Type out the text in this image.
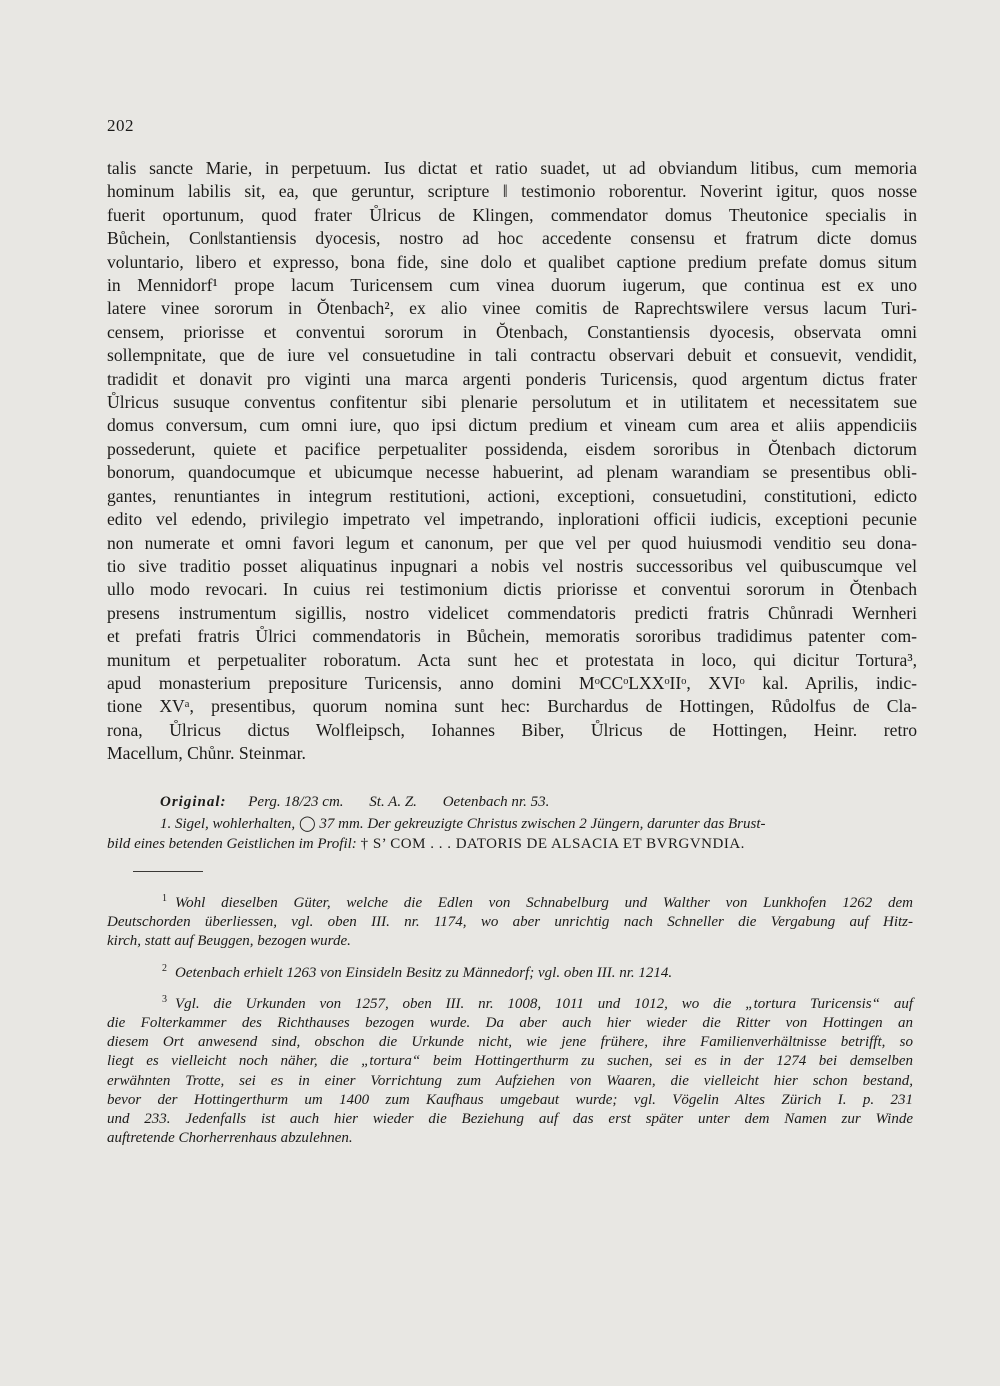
202
talis sancte Marie, in perpetuum. Ius dictat et ratio suadet, ut ad obviandum litibus, cum memoria
hominum labilis sit, ea, que geruntur, scripture ‖ testimonio roborentur. Noverint igitur, quos nosse
fuerit oportunum, quod frater Ůlricus de Klingen, commendator domus Theutonice specialis in
Bůchein, Con‖stantiensis dyocesis, nostro ad hoc accedente consensu et fratrum dicte domus
voluntario, libero et expresso, bona fide, sine dolo et qualibet captione predium prefate domus situm
in Mennidorf¹ prope lacum Turicensem cum vinea duorum iugerum, que continua est ex uno
latere vinee sororum in Ŏtenbach², ex alio vinee comitis de Raprechtswilere versus lacum Turi-
censem, priorisse et conventui sororum in Ŏtenbach, Constantiensis dyocesis, observata omni
sollempnitate, que de iure vel consuetudine in tali contractu observari debuit et consuevit, vendidit,
tradidit et donavit pro viginti una marca argenti ponderis Turicensis, quod argentum dictus frater
Ůlricus susuque conventus confitentur sibi plenarie persolutum et in utilitatem et necessitatem sue
domus conversum, cum omni iure, quo ipsi dictum predium et vineam cum area et aliis appendiciis
possederunt, quiete et pacifice perpetualiter possidenda, eisdem sororibus in Ŏtenbach dictorum
bonorum, quandocumque et ubicumque necesse habuerint, ad plenam warandiam se presentibus obli-
gantes, renuntiantes in integrum restitutioni, actioni, exceptioni, consuetudini, constitutioni, edicto
edito vel edendo, privilegio impetrato vel impetrando, inplorationi officii iudicis, exceptioni pecunie
non numerate et omni favori legum et canonum, per que vel per quod huiusmodi venditio seu dona-
tio sive traditio posset aliquatinus inpugnari a nobis vel nostris successoribus vel quibuscumque vel
ullo modo revocari. In cuius rei testimonium dictis priorisse et conventui sororum in Ŏtenbach
presens instrumentum sigillis, nostro videlicet commendatoris predicti fratris Chůnradi Wernheri
et prefati fratris Ůlrici commendatoris in Bůchein, memoratis sororibus tradidimus patenter com-
munitum et perpetualiter roboratum. Acta sunt hec et protestata in loco, qui dicitur Tortura³,
apud monasterium prepositure Turicensis, anno domini MᵒCCᵒLXXᵒIIᵒ, XVIᵒ kal. Aprilis, indic-
tione XVᵃ, presentibus, quorum nomina sunt hec: Burchardus de Hottingen, Růdolfus de Cla-
rona, Ůlricus dictus Wolfleipsch, Iohannes Biber, Ůlricus de Hottingen, Heinr. retro
Macellum, Chůnr. Steinmar.
Original: Perg. 18/23 cm. St. A. Z. Oetenbach nr. 53.
1. Sigel, wohlerhalten, ◯ 37 mm. Der gekreuzigte Christus zwischen 2 Jüngern, darunter das Brust-
bild eines betenden Geistlichen im Profil: † S’ COM . . . DATORIS DE ALSACIA ET BVRGVNDIA.
$^1$ Wohl dieselben Güter, welche die Edlen von Schnabelburg und Walther von Lunkhofen 1262 dem
Deutschorden überliessen, vgl. oben III. nr. 1174, wo aber unrichtig nach Schneller die Vergabung auf Hitz-
kirch, statt auf Beuggen, bezogen wurde.
$^2$ Oetenbach erhielt 1263 von Einsideln Besitz zu Männedorf; vgl. oben III. nr. 1214.
$^3$ Vgl. die Urkunden von 1257, oben III. nr. 1008, 1011 und 1012, wo die „tortura Turicensis“ auf
die Folterkammer des Richthauses bezogen wurde. Da aber auch hier wieder die Ritter von Hottingen an
diesem Ort anwesend sind, obschon die Urkunde nicht, wie jene frühere, ihre Familienverhältnisse betrifft, so
liegt es vielleicht noch näher, die „tortura“ beim Hottingerthurm zu suchen, sei es in der 1274 bei demselben
erwähnten Trotte, sei es in einer Vorrichtung zum Aufziehen von Waaren, die vielleicht hier schon bestand,
bevor der Hottingerthurm um 1400 zum Kaufhaus umgebaut wurde; vgl. Vögelin Altes Zürich I. p. 231
und 233. Jedenfalls ist auch hier wieder die Beziehung auf das erst später unter dem Namen zur Winde
auftretende Chorherrenhaus abzulehnen.
